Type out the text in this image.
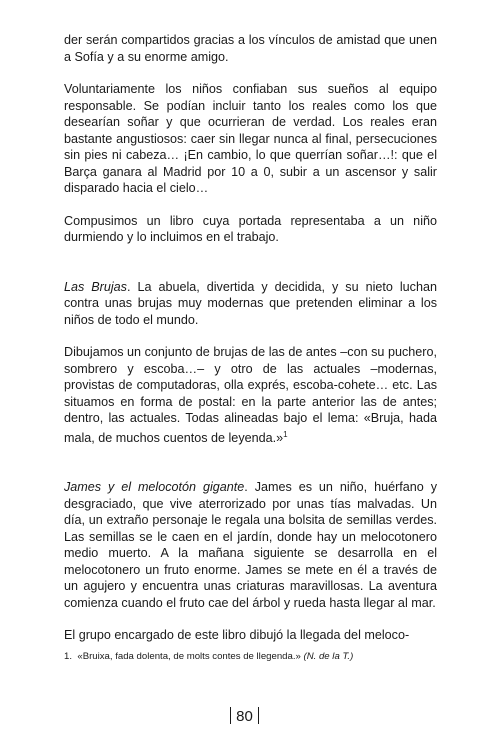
der serán compartidos gracias a los vínculos de amistad que unen a Sofía y a su enorme amigo.

Voluntariamente los niños confiaban sus sueños al equipo responsable. Se podían incluir tanto los reales como los que desearían soñar y que ocurrieran de verdad. Los reales eran bastante angustiosos: caer sin llegar nunca al final, persecuciones sin pies ni cabeza… ¡En cambio, lo que querrían soñar…!: que el Barça ganara al Madrid por 10 a 0, subir a un ascensor y salir disparado hacia el cielo…

Compusimos un libro cuya portada representaba a un niño durmiendo y lo incluimos en el trabajo.

Las Brujas. La abuela, divertida y decidida, y su nieto luchan contra unas brujas muy modernas que pretenden eliminar a los niños de todo el mundo.

Dibujamos un conjunto de brujas de las de antes –con su puchero, sombrero y escoba…– y otro de las actuales –modernas, provistas de computadoras, olla exprés, escoba-cohete… etc. Las situamos en forma de postal: en la parte anterior las de antes; dentro, las actuales. Todas alineadas bajo el lema: «Bruja, hada mala, de muchos cuentos de leyenda.»$^1$

James y el melocotón gigante. James es un niño, huérfano y desgraciado, que vive aterrorizado por unas tías malvadas. Un día, un extraño personaje le regala una bolsita de semillas verdes. Las semillas se le caen en el jardín, donde hay un melocotonero medio muerto. A la mañana siguiente se desarrolla en el melocotonero un fruto enorme. James se mete en él a través de un agujero y encuentra unas criaturas maravillosas. La aventura comienza cuando el fruto cae del árbol y rueda hasta llegar al mar.

El grupo encargado de este libro dibujó la llegada del meloco-

1. «Bruixa, fada dolenta, de molts contes de llegenda.» (N. de la T.)
80
